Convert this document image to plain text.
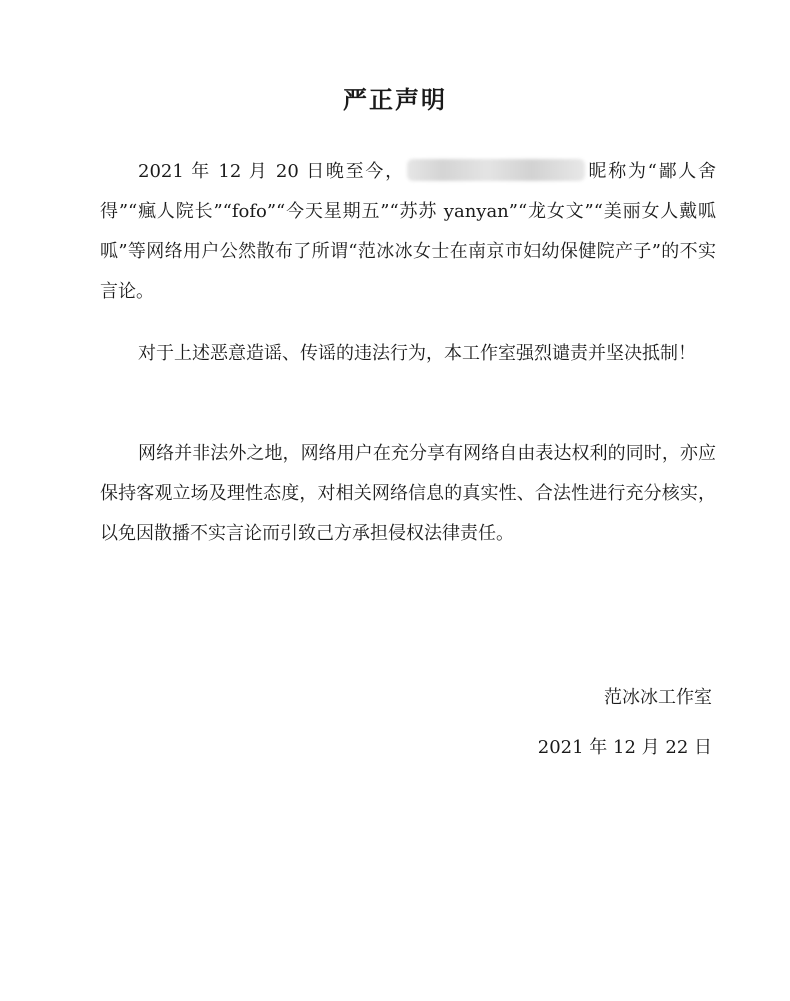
严正声明
2021 年 12 月 20 日晚至今，	昵称为“鄙人舍得”“瘋人院长”“fofo”“今天星期五”“苏苏 yanyan”“龙女文”“美丽女人戴呱呱”等网络用户公然散布了所谓“范冰冰女士在南京市妇幼保健院产子”的不实言论。
对于上述恶意造谣、传谣的违法行为，本工作室强烈谴责并坚决抵制！
网络并非法外之地，网络用户在充分享有网络自由表达权利的同时，亦应保持客观立场及理性态度，对相关网络信息的真实性、合法性进行充分核实，以免因散播不实言论而引致己方承担侵权法律责任。
范冰冰工作室
2021 年 12 月 22 日
